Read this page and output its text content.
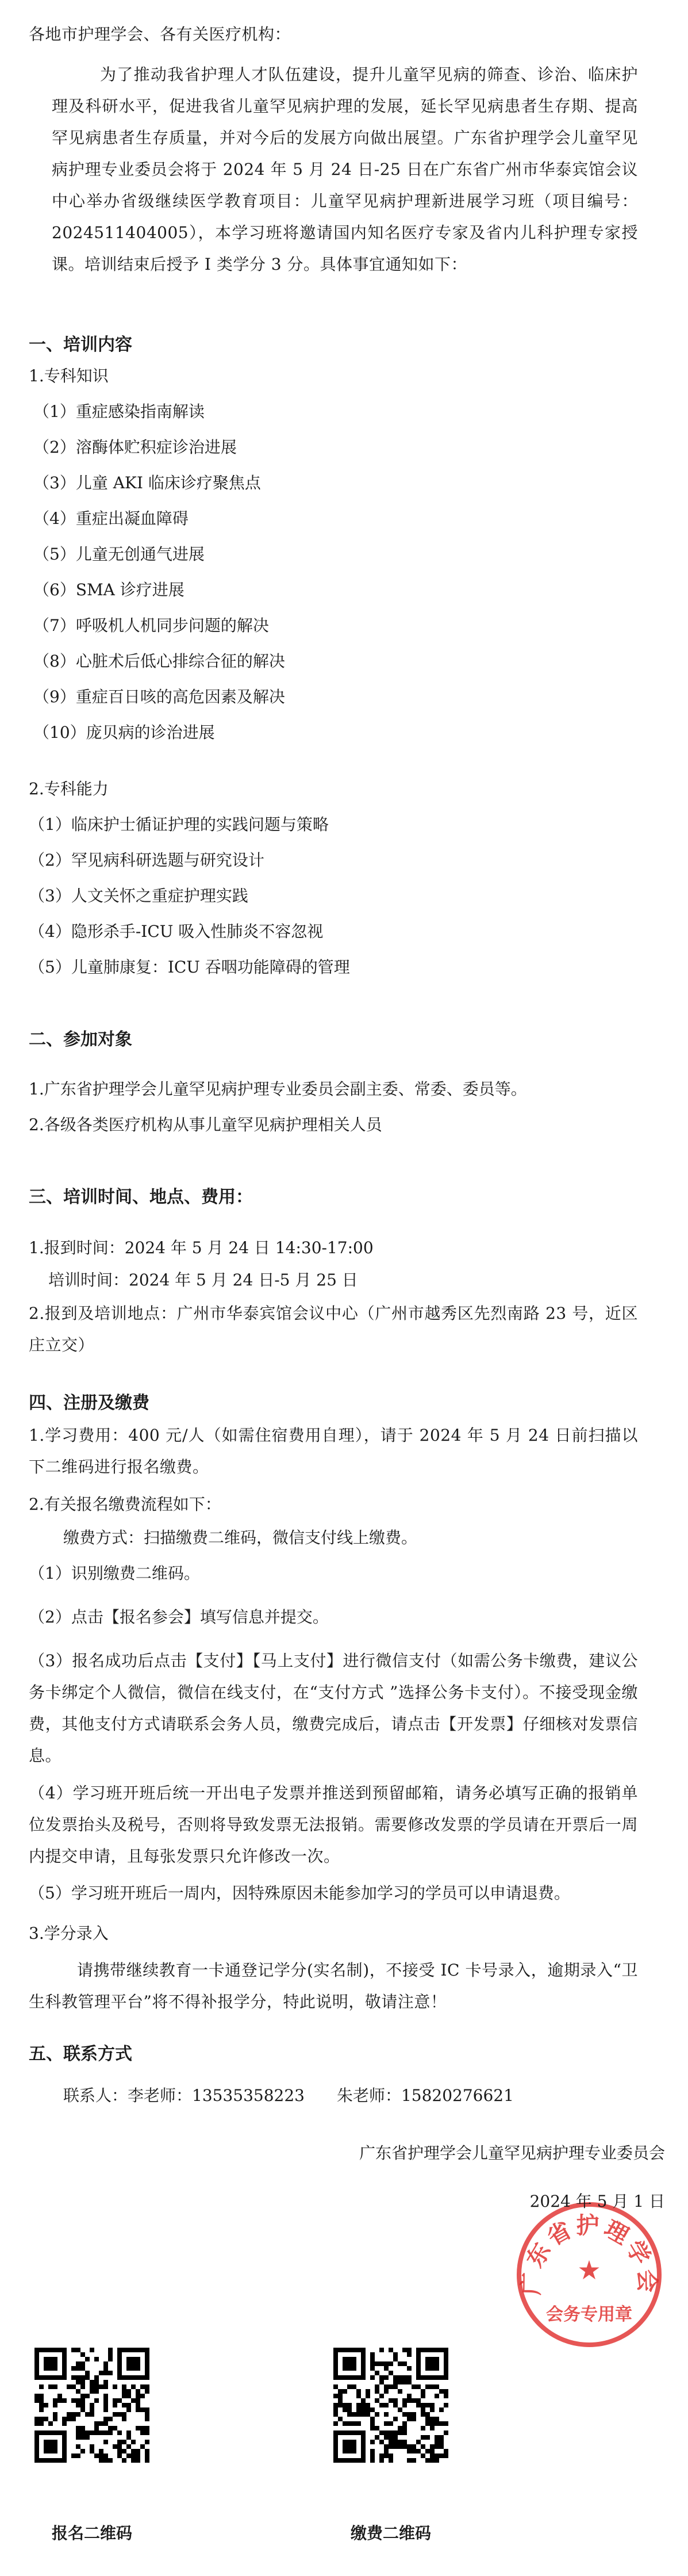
各地市护理学会、各有关医疗机构：

为了推动我省护理人才队伍建设，提升儿童罕见病的筛查、诊治、临床护理及科研水平，促进我省儿童罕见病护理的发展，延长罕见病患者生存期、提高罕见病患者生存质量，并对今后的发展方向做出展望。广东省护理学会儿童罕见病护理专业委员会将于 2024 年 5 月 24 日-25 日在广东省广州市华泰宾馆会议中心举办省级继续医学教育项目：儿童罕见病护理新进展学习班（项目编号：2024511404005），本学习班将邀请国内知名医疗专家及省内儿科护理专家授课。培训结束后授予 I 类学分 3 分。具体事宜通知如下：

一、培训内容
1.专科知识
（1）重症感染指南解读
（2）溶酶体贮积症诊治进展
（3）儿童 AKI 临床诊疗聚焦点
（4）重症出凝血障碍
（5）儿童无创通气进展
（6）SMA 诊疗进展
（7）呼吸机人机同步问题的解决
（8）心脏术后低心排综合征的解决
（9）重症百日咳的高危因素及解决
（10）庞贝病的诊治进展
2.专科能力
（1）临床护士循证护理的实践问题与策略
（2）罕见病科研选题与研究设计
（3）人文关怀之重症护理实践
（4）隐形杀手-ICU 吸入性肺炎不容忽视
（5）儿童肺康复：ICU 吞咽功能障碍的管理
二、参加对象
1.广东省护理学会儿童罕见病护理专业委员会副主委、常委、委员等。
2.各级各类医疗机构从事儿童罕见病护理相关人员
三、培训时间、地点、费用：
1.报到时间：2024 年 5 月 24 日 14:30-17:00
培训时间：2024 年 5 月 24 日-5 月 25 日

2.报到及培训地点：广州市华泰宾馆会议中心（广州市越秀区先烈南路 23 号，近区庄立交）

四、注册及缴费

1.学习费用：400 元/人（如需住宿费用自理），请于 2024 年 5 月 24 日前扫描以下二维码进行报名缴费。

2.有关报名缴费流程如下：
缴费方式：扫描缴费二维码，微信支付线上缴费。
（1）识别缴费二维码。
（2）点击【报名参会】填写信息并提交。

（3）报名成功后点击【支付】【马上支付】进行微信支付（如需公务卡缴费，建议公务卡绑定个人微信，微信在线支付，在“支付方式 ”选择公务卡支付）。不接受现金缴费，其他支付方式请联系会务人员，缴费完成后，请点击【开发票】仔细核对发票信息。

（4）学习班开班后统一开出电子发票并推送到预留邮箱，请务必填写正确的报销单位发票抬头及税号，否则将导致发票无法报销。需要修改发票的学员请在开票后一周内提交申请，且每张发票只允许修改一次。

（5）学习班开班后一周内，因特殊原因未能参加学习的学员可以申请退费。
3.学分录入

请携带继续教育一卡通登记学分(实名制)，不接受 IC 卡号录入，逾期录入“卫生科教管理平台”将不得补报学分，特此说明，敬请注意！

五、联系方式
联系人：李老师：13535358223　　朱老师：15820276621
广东省护理学会
★
会务专用章
广东省护理学会儿童罕见病护理专业委员会
2024 年 5 月 1 日
报名二维码	缴费二维码
